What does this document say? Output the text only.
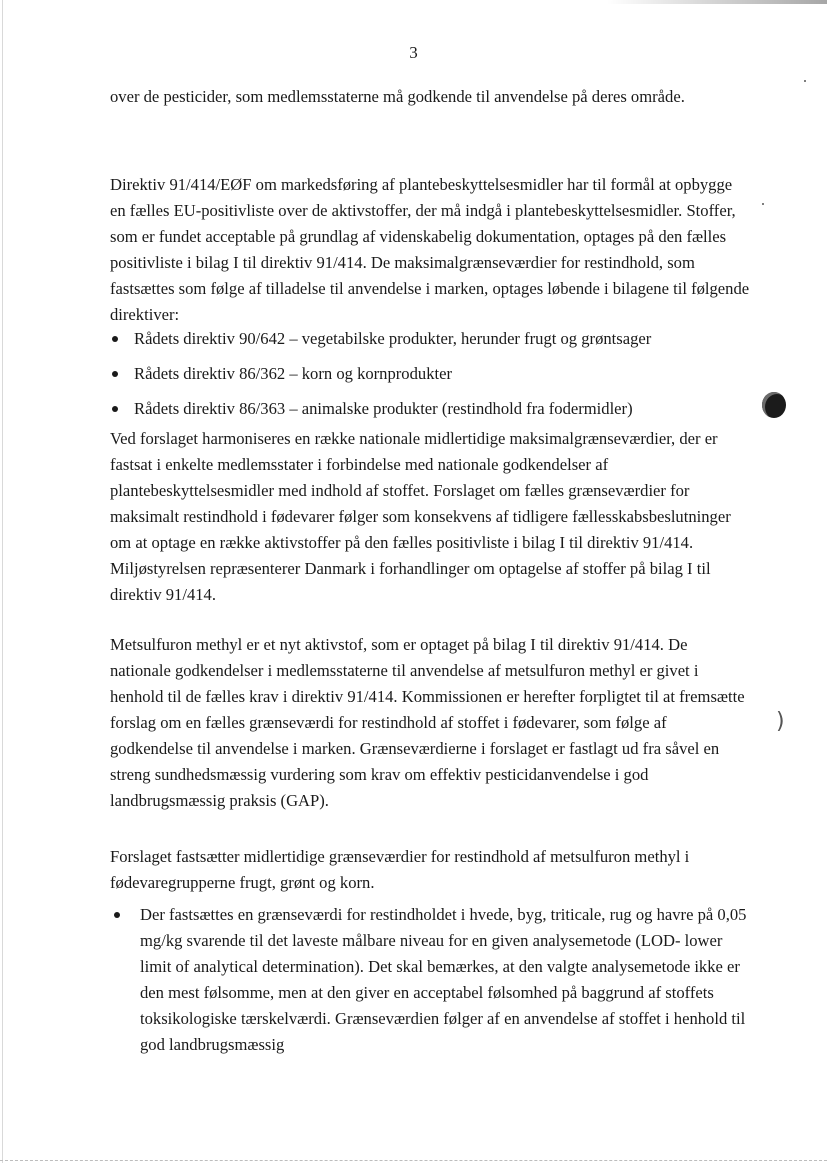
3

over de pesticider, som medlemsstaterne må godkende til anvendelse på deres område.

Direktiv 91/414/EØF om markedsføring af plantebeskyttelsesmidler har til formål at opbygge en fælles EU-positivliste over de aktivstoffer, der må indgå i plantebeskyttelsesmidler. Stoffer, som er fundet acceptable på grundlag af videnskabelig dokumentation, optages på den fælles positivliste i bilag I til direktiv 91/414. De maksimalgrænseværdier for restindhold, som fastsættes som følge af tilladelse til anvendelse i marken, optages løbende i bilagene til følgende direktiver:

Rådets direktiv 90/642 – vegetabilske produkter, herunder frugt og grøntsager
Rådets direktiv 86/362 – korn og kornprodukter
Rådets direktiv 86/363 – animalske produkter (restindhold fra fodermidler)

Ved forslaget harmoniseres en række nationale midlertidige maksimalgrænseværdier, der er fastsat i enkelte medlemsstater i forbindelse med nationale godkendelser af plantebeskyttelsesmidler med indhold af stoffet. Forslaget om fælles grænseværdier for maksimalt restindhold i fødevarer følger som konsekvens af tidligere fællesskabsbeslutninger om at optage en række aktivstoffer på den fælles positivliste i bilag I til direktiv 91/414. Miljøstyrelsen repræsenterer Danmark i forhandlinger om optagelse af stoffer på bilag I til direktiv 91/414.

Metsulfuron methyl er et nyt aktivstof, som er optaget på bilag I til direktiv 91/414. De nationale godkendelser i medlemsstaterne til anvendelse af metsulfuron methyl er givet i henhold til de fælles krav i direktiv 91/414. Kommissionen er herefter forpligtet til at fremsætte forslag om en fælles grænseværdi for restindhold af stoffet i fødevarer, som følge af godkendelse til anvendelse i marken. Grænseværdierne i forslaget er fastlagt ud fra såvel en streng sundhedsmæssig vurdering som krav om effektiv pesticidanvendelse i god landbrugsmæssig praksis (GAP).

Forslaget fastsætter midlertidige grænseværdier for restindhold af metsulfuron methyl i fødevaregrupperne frugt, grønt og korn.

Der fastsættes en grænseværdi for restindholdet i hvede, byg, triticale, rug og havre på 0,05 mg/kg svarende til det laveste målbare niveau for en given analysemetode (LOD- lower limit of analytical determination). Det skal bemærkes, at den valgte analysemetode ikke er den mest følsomme, men at den giver en acceptabel følsomhed på baggrund af stoffets toksikologiske tærskelværdi. Grænseværdien følger af en anvendelse af stoffet i henhold til god landbrugsmæssig
)
